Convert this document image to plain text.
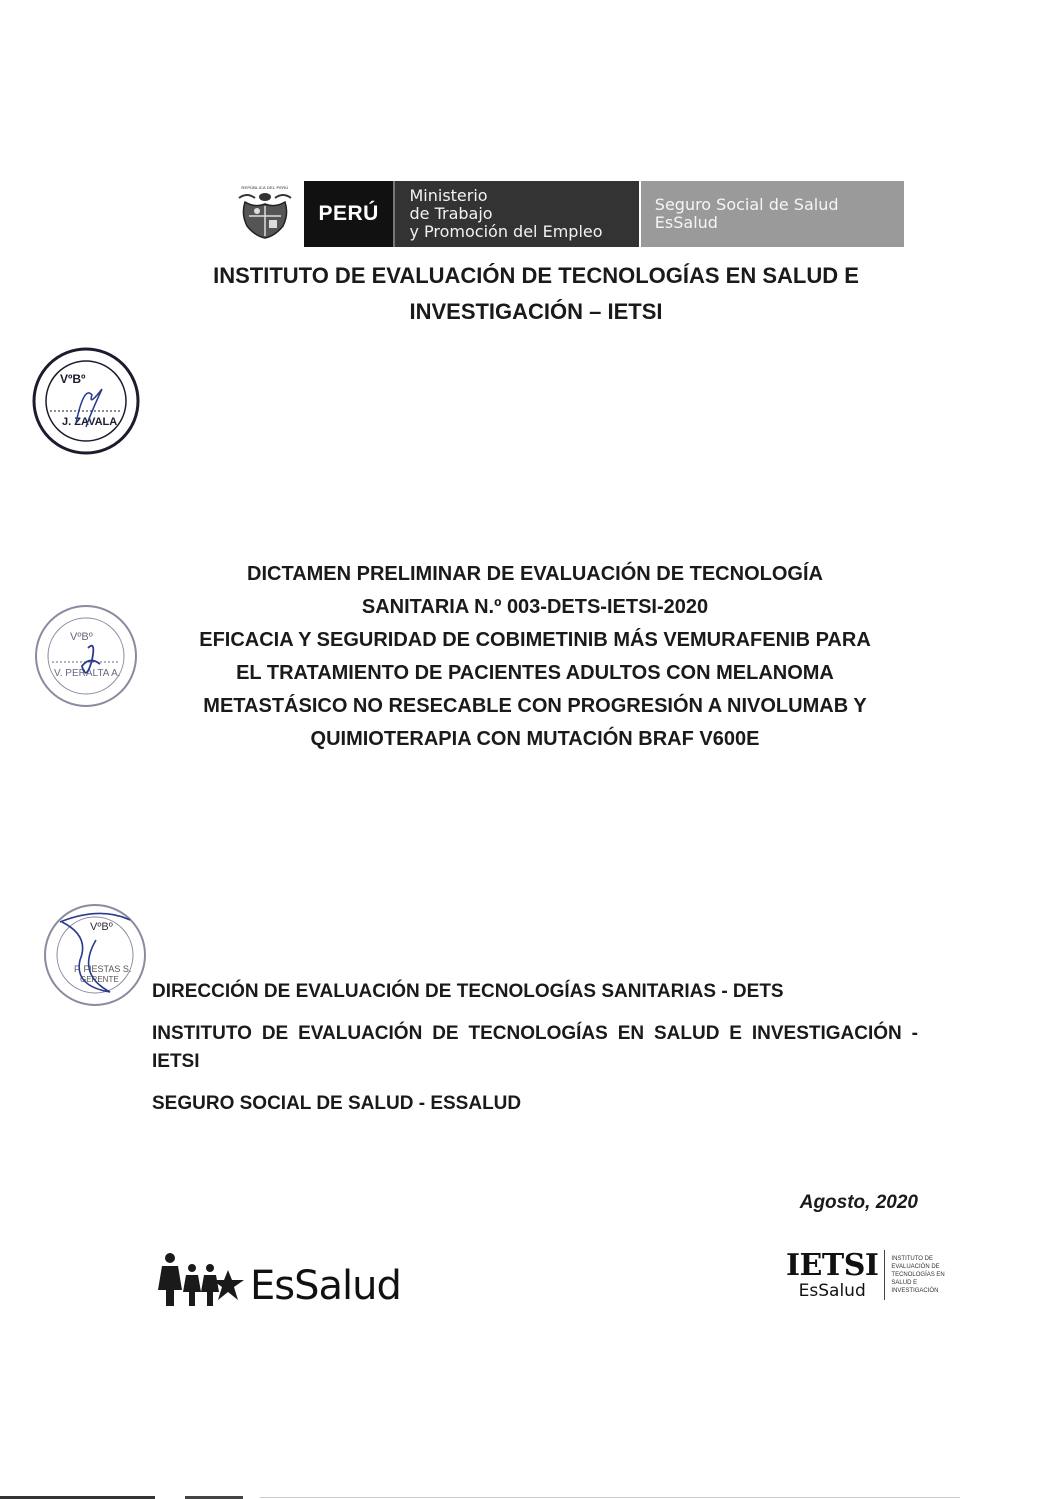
REPÚBLICA DEL PERÚ
PERÚ
Ministerio
de Trabajo
y Promoción del Empleo
Seguro Social de Salud
EsSalud
INSTITUTO DE EVALUACIÓN DE TECNOLOGÍAS EN SALUD E
INVESTIGACIÓN – IETSI
VºBº
J. ZAVALA
VºBº
V. PERALTA A.
VºBº
F. FIESTAS S.
GERENTE
DICTAMEN PRELIMINAR DE EVALUACIÓN DE TECNOLOGÍA
SANITARIA N.º 003-DETS-IETSI-2020
EFICACIA Y SEGURIDAD DE COBIMETINIB MÁS VEMURAFENIB PARA
EL TRATAMIENTO DE PACIENTES ADULTOS CON MELANOMA
METASTÁSICO NO RESECABLE CON PROGRESIÓN A NIVOLUMAB Y
QUIMIOTERAPIA CON MUTACIÓN BRAF V600E
DIRECCIÓN DE EVALUACIÓN DE TECNOLOGÍAS SANITARIAS - DETS
INSTITUTO DE EVALUACIÓN DE TECNOLOGÍAS EN SALUD E INVESTIGACIÓN - IETSI
SEGURO SOCIAL DE SALUD - ESSALUD
Agosto, 2020
EsSalud	IETSI
EsSalud
INSTITUTO DE EVALUACIÓN DE TECNOLOGÍAS EN SALUD E INVESTIGACIÓN
